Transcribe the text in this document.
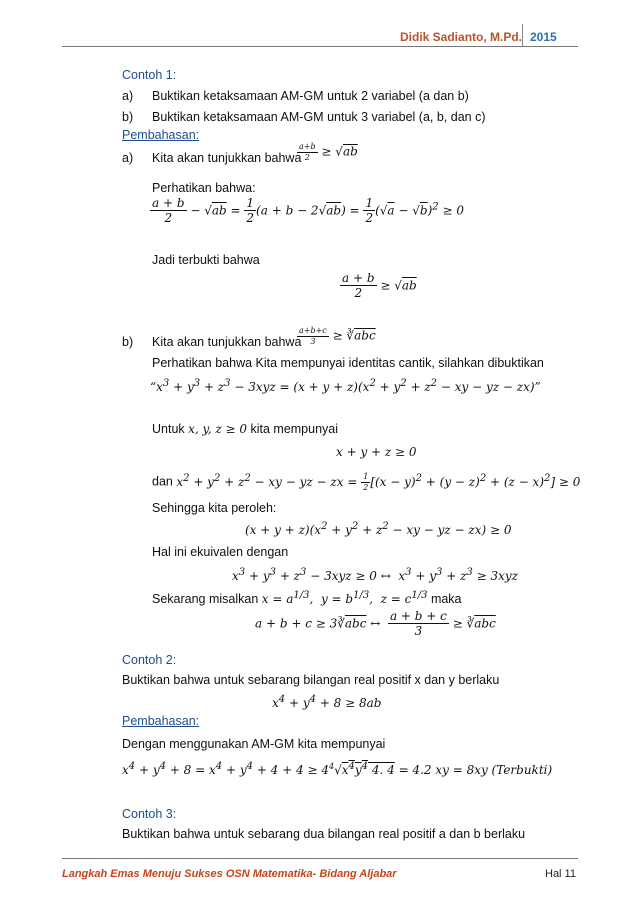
Didik Sadianto, M.Pd. 2015
Contoh 1:
a) Buktikan ketaksamaan AM-GM untuk 2 variabel (a dan b)
b) Buktikan ketaksamaan AM-GM untuk 3 variabel (a, b, dan c)
Pembahasan:
a) Kita akan tunjukkan bahwa
$\frac{a+b}{2} \ge √ab$
Perhatikan bahwa:
$\frac{a + b}{2} - √ab = \frac{1}{2} (a + b - 2√ab) = \frac{1}{2} (√a - √b)^2 \ge 0$
Jadi terbukti bahwa
$\frac{a + b}{2} \ge √ab$
b) Kita akan tunjukkan bahwa
$\frac{a+b+c}{3}$ ≥ $∛\overline{abc}$
Perhatikan bahwa Kita mempunyai identitas cantik, silahkan dibuktikan
“$x^3 + y^3 + z^3 - 3xyz = (x + y + z)(x^2 + y^2 + z^2$ − xy − yz − zx)”
Untuk x, y, z ≥ 0 kita mempunyai
x + y + z ≥ 0
dan $x^2 + y^2 + z^2$ − xy − yz − zx = $\frac{1}{2} [(x - y)^2 + (y - z)^2 + (z - x)^2] \ge 0$
Sehingga kita peroleh:
$(x + y + z)(x^2 + y^2 + z^2$ − xy − yz − zx) ≥ 0
Hal ini ekuivalen dengan
$x^3 + y^3 + z^3 - 3xyz \ge 0$ ↔  $x^3 + y^3 + z^3 \ge 3xyz$
Sekarang misalkan $x = a^{1/3}$,  $y = b^{1/3}$,  $z = c^{1/3}$ maka
$a + b + c \ge 3∛\overline{abc}$ ↔ $\frac{a + b + c}{3}$ ≥ $∛\overline{abc}$
Contoh 2:
Buktikan bahwa untuk sebarang bilangan real positif x dan y berlaku
$x^4 + y^4 + 8 \ge 8ab$
Pembahasan:
Dengan menggunakan AM-GM kita mempunyai
$x^4 + y^4 + 8 = x^4 + y^4 + 4 + 4 \ge 4^4√x^4y^4$ 4. 4 = 4.2 xy = 8xy (Terbukti)
Contoh 3:
Buktikan bahwa untuk sebarang dua bilangan real positif a dan b berlaku
Langkah Emas Menuju Sukses OSN Matematika- Bidang Aljabar	Hal 11
